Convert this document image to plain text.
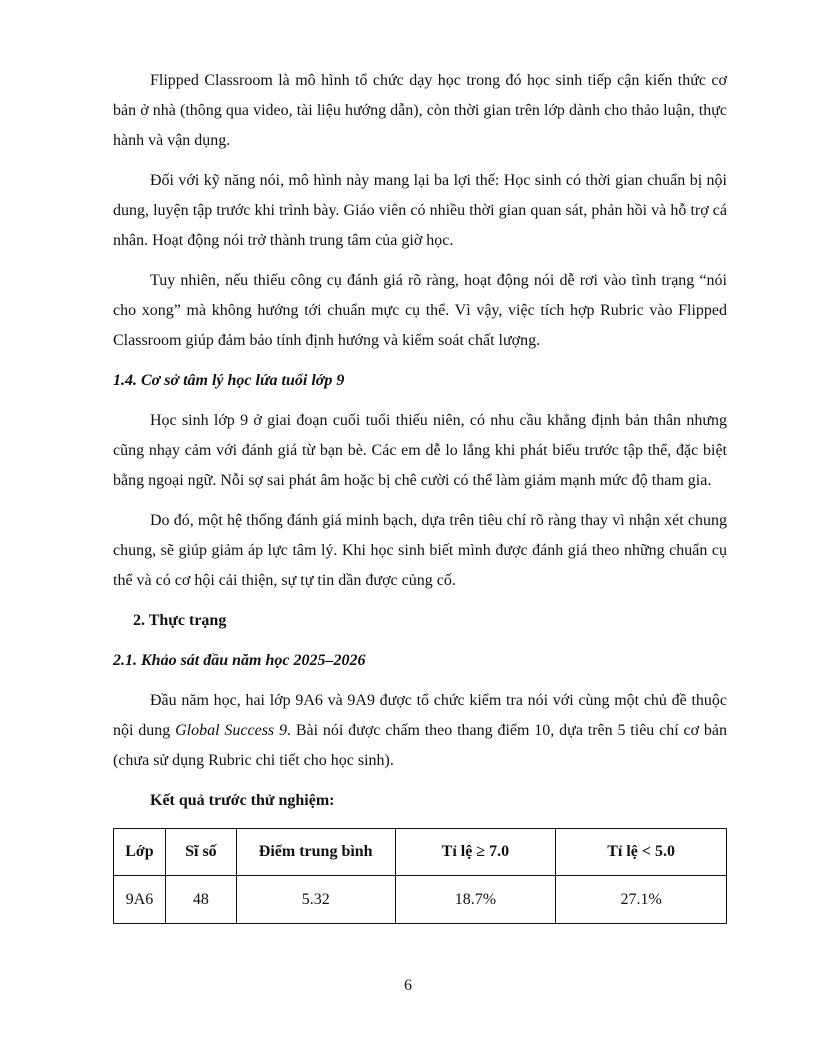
Flipped Classroom là mô hình tổ chức dạy học trong đó học sinh tiếp cận kiến thức cơ bản ở nhà (thông qua video, tài liệu hướng dẫn), còn thời gian trên lớp dành cho thảo luận, thực hành và vận dụng.

Đối với kỹ năng nói, mô hình này mang lại ba lợi thế: Học sinh có thời gian chuẩn bị nội dung, luyện tập trước khi trình bày. Giáo viên có nhiều thời gian quan sát, phản hồi và hỗ trợ cá nhân. Hoạt động nói trở thành trung tâm của giờ học.

Tuy nhiên, nếu thiếu công cụ đánh giá rõ ràng, hoạt động nói dễ rơi vào tình trạng “nói cho xong” mà không hướng tới chuẩn mực cụ thể. Vì vậy, việc tích hợp Rubric vào Flipped Classroom giúp đảm bảo tính định hướng và kiểm soát chất lượng.

1.4. Cơ sở tâm lý học lứa tuổi lớp 9

Học sinh lớp 9 ở giai đoạn cuối tuổi thiếu niên, có nhu cầu khẳng định bản thân nhưng cũng nhạy cảm với đánh giá từ bạn bè. Các em dễ lo lắng khi phát biểu trước tập thể, đặc biệt bằng ngoại ngữ. Nỗi sợ sai phát âm hoặc bị chê cười có thể làm giảm mạnh mức độ tham gia.

Do đó, một hệ thống đánh giá minh bạch, dựa trên tiêu chí rõ ràng thay vì nhận xét chung chung, sẽ giúp giảm áp lực tâm lý. Khi học sinh biết mình được đánh giá theo những chuẩn cụ thể và có cơ hội cải thiện, sự tự tin dần được củng cố.

2. Thực trạng
2.1. Khảo sát đầu năm học 2025–2026

Đầu năm học, hai lớp 9A6 và 9A9 được tổ chức kiểm tra nói với cùng một chủ đề thuộc nội dung Global Success 9. Bài nói được chấm theo thang điểm 10, dựa trên 5 tiêu chí cơ bản (chưa sử dụng Rubric chi tiết cho học sinh).

Kết quả trước thử nghiệm:
Lớp	Sĩ số	Điểm trung bình	Tỉ lệ ≥ 7.0	Tỉ lệ < 5.0
9A6	48	5.32	18.7%	27.1%
6
